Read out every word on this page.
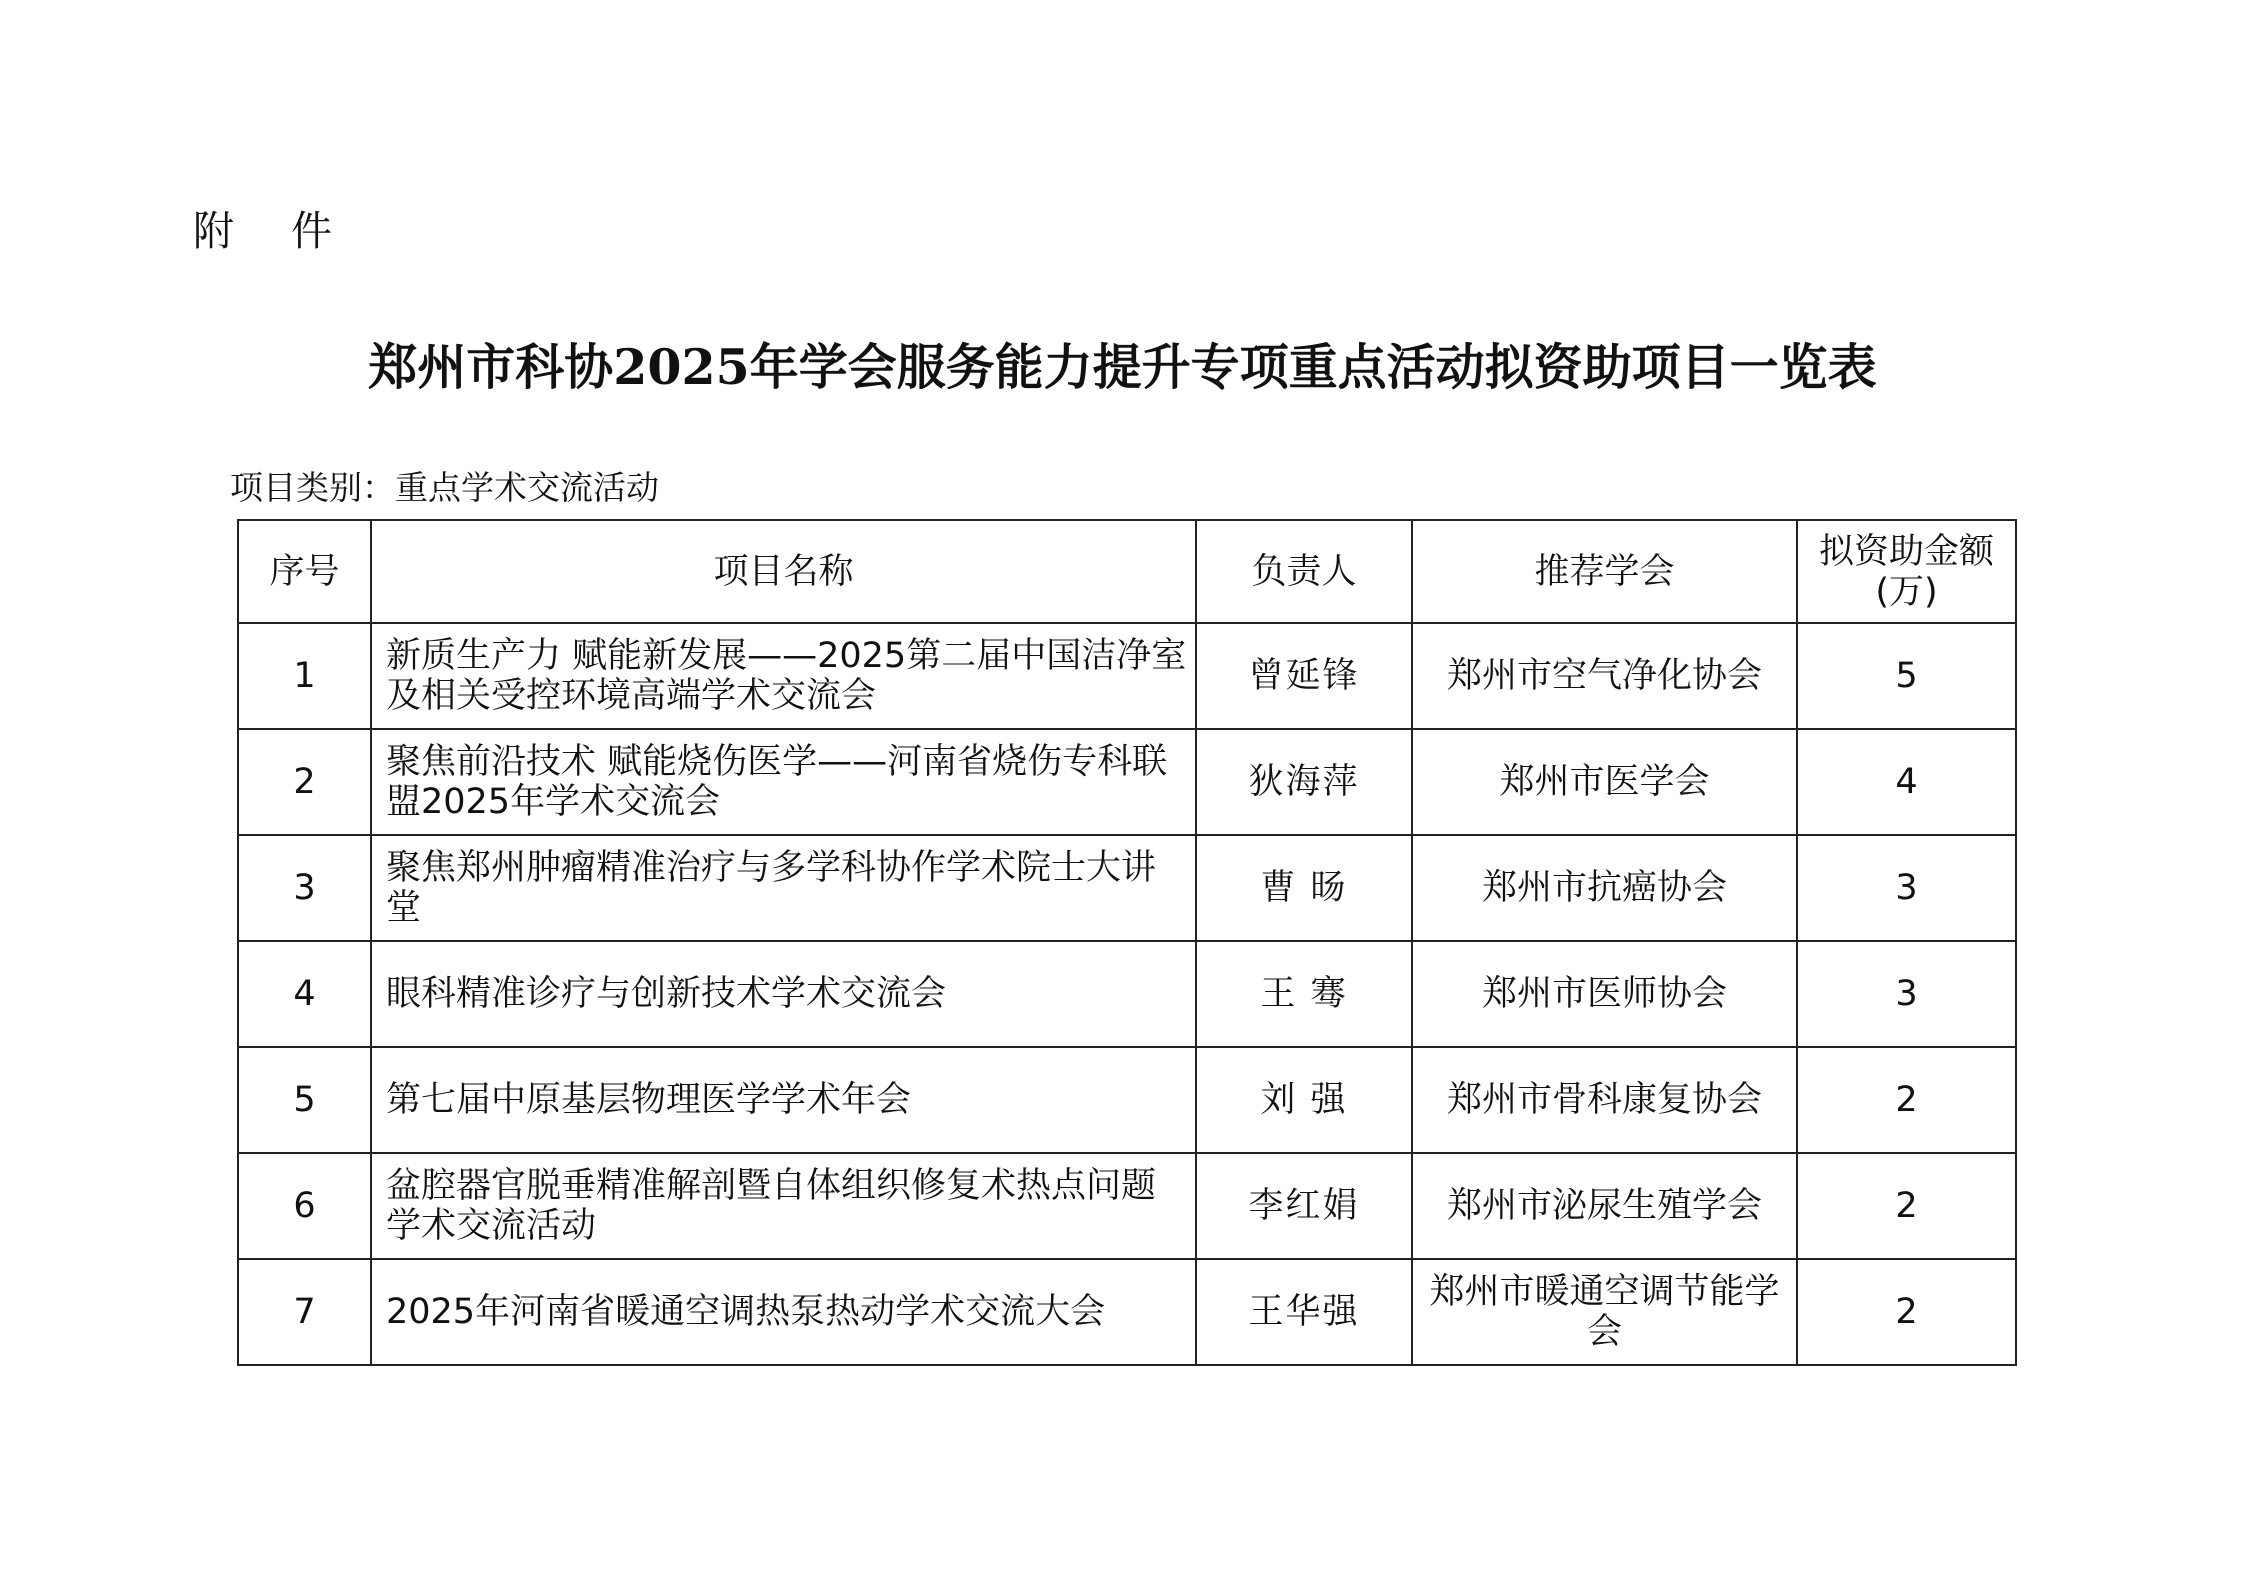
附 件
郑州市科协2025年学会服务能力提升专项重点活动拟资助项目一览表
项目类别：重点学术交流活动
序号	项目名称	负责人	推荐学会	拟资助金额(万)
1	新质生产力 赋能新发展——2025第二届中国洁净室及相关受控环境高端学术交流会	曾延锋	郑州市空气净化协会	5
2	聚焦前沿技术 赋能烧伤医学——河南省烧伤专科联盟2025年学术交流会	狄海萍	郑州市医学会	4
3	聚焦郑州肿瘤精准治疗与多学科协作学术院士大讲堂	曹 旸	郑州市抗癌协会	3
4	眼科精准诊疗与创新技术学术交流会	王 骞	郑州市医师协会	3
5	第七届中原基层物理医学学术年会	刘 强	郑州市骨科康复协会	2
6	盆腔器官脱垂精准解剖暨自体组织修复术热点问题学术交流活动	李红娟	郑州市泌尿生殖学会	2
7	2025年河南省暖通空调热泵热动学术交流大会	王华强	郑州市暖通空调节能学会	2
